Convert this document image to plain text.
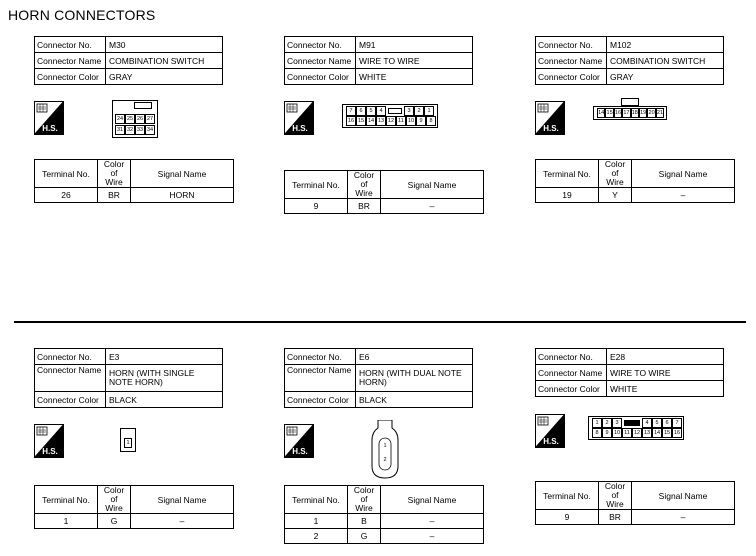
HORN CONNECTORS
Connector No.	M30
Connector Name	COMBINATION SWITCH
Connector Color	GRAY
H.S.
24 25 26 27
31 32 33 34
Terminal No.	Color of Wire	Signal Name
26	BR	HORN
Connector No.	M91
Connector Name	WIRE TO WIRE
Connector Color	WHITE
H.S.
7	6	5	4	3	2	1
16 15 14 13 12 11 10 9	8
Terminal No.	Color of Wire	Signal Name
9	BR	–
Connector No.	M102
Connector Name	COMBINATION SWITCH
Connector Color	GRAY
H.S.
14 15 16 17 18 19 20 21
Terminal No.	Color of Wire	Signal Name
19	Y	–
Connector No.	E3
Connector Name	HORN (WITH SINGLE NOTE HORN)
Connector Color	BLACK
H.S.
1
Terminal No.	Color of Wire	Signal Name
1	G	–
Connector No.	E6
Connector Name	HORN (WITH DUAL NOTE HORN)
Connector Color	BLACK
H.S.
1
2
Terminal No.	Color of Wire	Signal Name
1	B	–
2	G	–
Connector No.	E28
Connector Name	WIRE TO WIRE
Connector Color	WHITE
H.S.
1	2	3	4	5	6	7
8	9 10 11 12 13 14 15 16
Terminal No.	Color of Wire	Signal Name
9	BR	–
